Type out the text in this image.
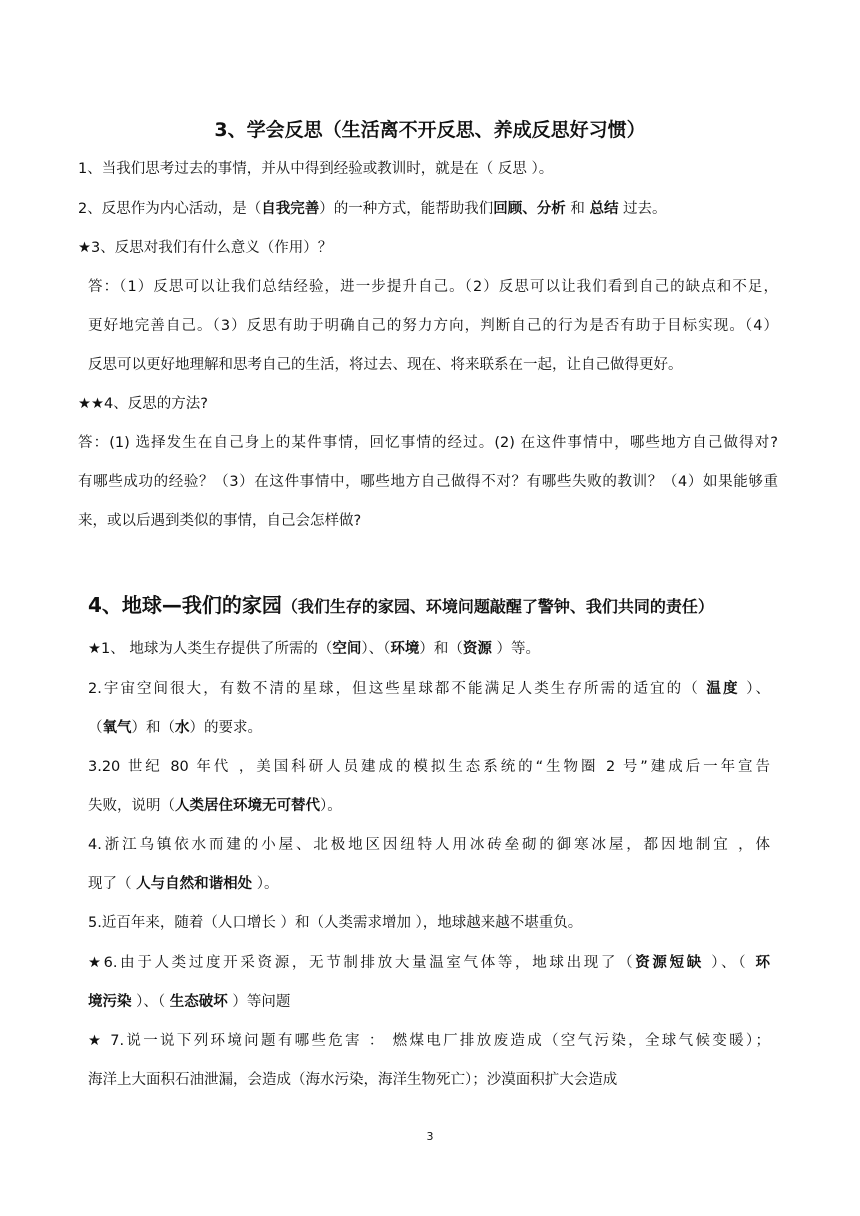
3、学会反思（生活离不开反思、养成反思好习惯）

1、当我们思考过去的事情，并从中得到经验或教训时，就是在（ 反思 ）。

2、反思作为内心活动，是（自我完善）的一种方式，能帮助我们回顾、分析 和 总结 过去。

★3、反思对我们有什么意义（作用）？

答：（1）反思可以让我们总结经验，进一步提升自己。（2）反思可以让我们看到自己的缺点和不足，

更好地完善自己。（3）反思有助于明确自己的努力方向，判断自己的行为是否有助于目标实现。（4）

反思可以更好地理解和思考自己的生活，将过去、现在、将来联系在一起，让自己做得更好。

★★4、反思的方法?

答：(1) 选择发生在自己身上的某件事情，回忆事情的经过。(2) 在这件事情中，哪些地方自己做得对?

有哪些成功的经验？（3）在这件事情中，哪些地方自己做得不对？有哪些失败的教训？（4）如果能够重

来，或以后遇到类似的事情，自己会怎样做?

4、地球—我们的家园（我们生存的家园、环境问题敲醒了警钟、我们共同的责任）

★1、 地球为人类生存提供了所需的（空间）、（环境）和（资源 ）等。

2.宇宙空间很大，有数不清的星球，但这些星球都不能满足人类生存所需的适宜的（ 温度 ）、

（氧气）和（水）的要求。

3.20 世纪 80 年代 ，美国科研人员建成的模拟生态系统的“生物圈 2 号”建成后一年宣告

失败，说明（人类居住环境无可替代）。

4.浙江乌镇依水而建的小屋、北极地区因纽特人用冰砖垒砌的御寒冰屋，都因地制宜 ，体

现了（ 人与自然和谐相处 ）。

5.近百年来，随着（人口增长 ）和（人类需求增加 ），地球越来越不堪重负。

★6.由于人类过度开采资源，无节制排放大量温室气体等，地球出现了（资源短缺 ）、（ 环

境污染 ）、（ 生态破坏 ）等问题

★ 7.说一说下列环境问题有哪些危害 ： 燃煤电厂排放废造成（空气污染，全球气候变暖）；

海洋上大面积石油泄漏，会造成（海水污染，海洋生物死亡）；沙漠面积扩大会造成

3
